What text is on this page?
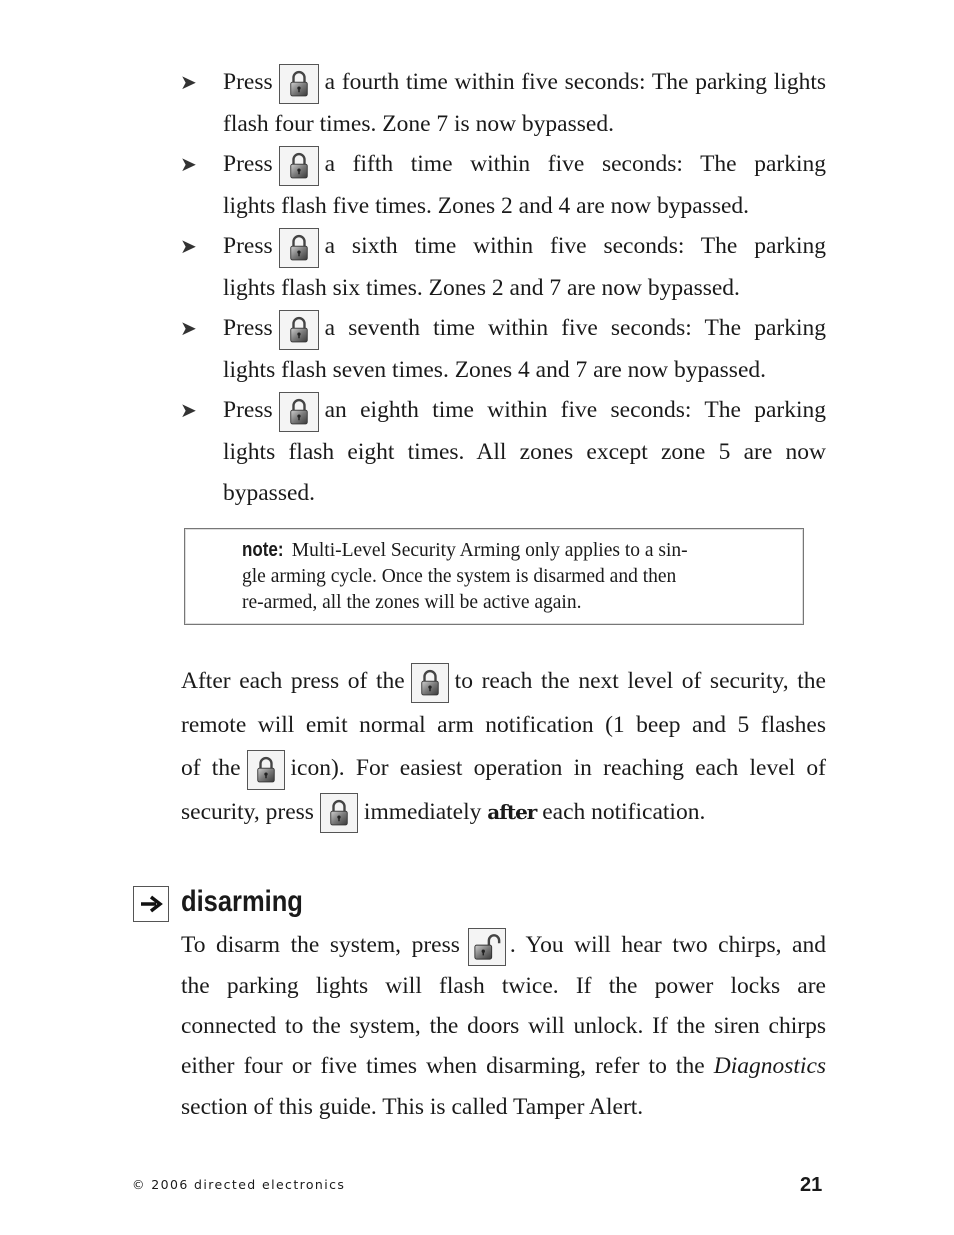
➤ Press a fourth time within five seconds: The parking lights
flash four times. Zone 7 is now bypassed.
➤ Press a fifth time within five seconds: The parking
lights flash five times. Zones 2 and 4 are now bypassed.
➤ Press a sixth time within five seconds: The parking
lights flash six times. Zones 2 and 7 are now bypassed.
➤ Press a seventh time within five seconds: The parking
lights flash seven times. Zones 4 and 7 are now bypassed.
➤ Press an eighth time within five seconds: The parking
lights flash eight times. All zones except zone 5 are now
bypassed.
note: Multi-Level Security Arming only applies to a sin-
gle arming cycle. Once the system is disarmed and then
re-armed, all the zones will be active again.
After each press of the to reach the next level of security, the
remote will emit normal arm notification (1 beep and 5 flashes
of the icon). For easiest operation in reaching each level of
security, press immediately after each notification.
disarming
To disarm the system, press . You will hear two chirps, and
the parking lights will flash twice. If the power locks are
connected to the system, the doors will unlock. If the siren chirps
either four or five times when disarming, refer to the Diagnostics
section of this guide. This is called Tamper Alert.
© 2006 directed electronics	21
